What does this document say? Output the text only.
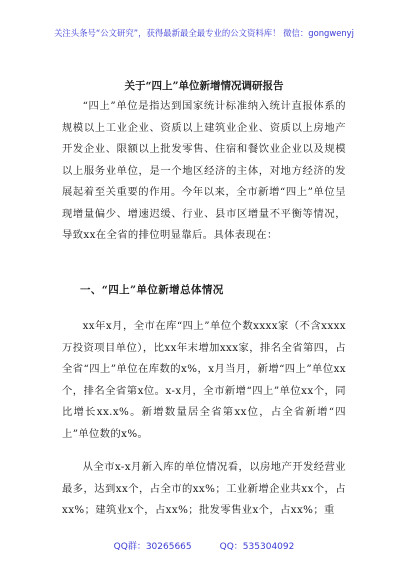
关注头条号“公文研究”，获得最新最全最专业的公文资料库！ 微信：gongwenyj
关于“四上”单位新增情况调研报告

“四上”单位是指达到国家统计标准纳入统计直报体系的规模以上工业企业、资质以上建筑业企业、资质以上房地产开发企业、限额以上批发零售、住宿和餐饮业企业以及规模以上服务业单位，是一个地区经济的主体，对地方经济的发展起着至关重要的作用。今年以来，全市新增“四上”单位呈现增量偏少、增速迟缓、行业、县市区增量不平衡等情况，导致xx在全省的排位明显靠后。具体表现在：

一、“四上”单位新增总体情况

xx年x月，全市在库“四上”单位个数xxxx家（不含xxxx万投资项目单位），比xx年末增加xxx家，排名全省第四，占全省“四上”单位在库数的x%，x月当月，新增“四上”单位xx个，排名全省第x位。x-x月，全市新增“四上”单位xx个，同比增长xx.x%。新增数量居全省第xx位，占全省新增“四上”单位数的x%。

从全市x-x月新入库的单位情况看，以房地产开发经营业最多，达到xx个，占全市的xx%；工业新增企业共xx个，占xx%；建筑业x个，占xx%；批发零售业x个，占xx%；重

QQ群：30265665	QQ：535304092
